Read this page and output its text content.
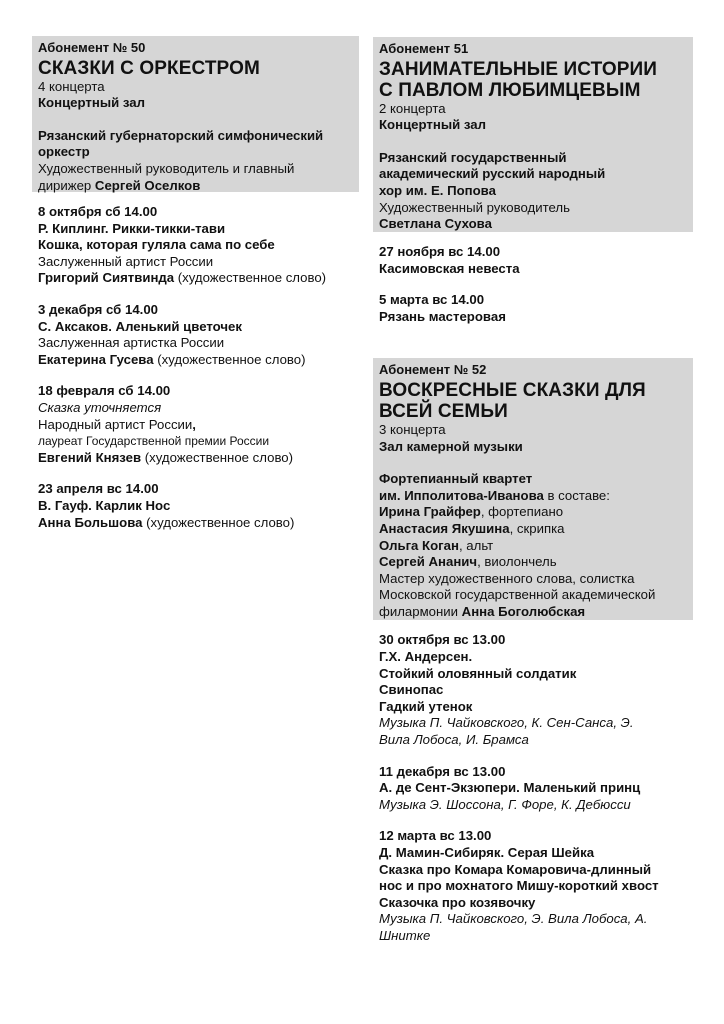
Абонемент № 50
СКАЗКИ С ОРКЕСТРОМ
4 концерта
Концертный зал
Рязанский губернаторский симфонический
оркестр
Художественный руководитель и главный
дирижер Сергей Оселков
8 октября сб 14.00
Р. Киплинг. Рикки-тикки-тави
Кошка, которая гуляла сама по себе
Заслуженный артист России
Григорий Сиятвинда (художественное слово)
3 декабря сб 14.00
С. Аксаков. Аленький цветочек
Заслуженная артистка России
Екатерина Гусева (художественное слово)
18 февраля сб 14.00
Сказка уточняется
Народный артист России,
лауреат Государственной премии России
Евгений Князев (художественное слово)
23 апреля вс 14.00
В. Гауф. Карлик Нос
Анна Большова (художественное слово)
Абонемент 51
ЗАНИМАТЕЛЬНЫЕ ИСТОРИИ
С ПАВЛОМ ЛЮБИМЦЕВЫМ
2 концерта
Концертный зал
Рязанский государственный
академический русский народный
хор им. Е. Попова
Художественный руководитель
Светлана Сухова
27 ноября вс 14.00
Касимовская невеста
5 марта вс 14.00
Рязань мастеровая
Абонемент № 52
ВОСКРЕСНЫЕ СКАЗКИ ДЛЯ
ВСЕЙ СЕМЬИ
3 концерта
Зал камерной музыки
Фортепианный квартет
им. Ипполитова-Иванова в составе:
Ирина Грайфер, фортепиано
Анастасия Якушина, скрипка
Ольга Коган, альт
Сергей Ананич, виолончель
Мастер художественного слова, солистка
Московской государственной академической
филармонии Анна Боголюбская
30 октября вс 13.00
Г.Х. Андерсен.
Стойкий оловянный солдатик
Свинопас
Гадкий утенок
Музыка П. Чайковского, К. Сен-Санса, Э.
Вила Лобоса, И. Брамса
11 декабря вс 13.00
А. де Сент-Экзюпери. Маленький принц
Музыка Э. Шоссона, Г. Форе, К. Дебюсси
12 марта вс 13.00
Д. Мамин-Сибиряк. Серая Шейка
Сказка про Комара Комаровича-длинный
нос и про мохнатого Мишу-короткий хвост
Сказочка про козявочку
Музыка П. Чайковского, Э. Вила Лобоса, А.
Шнитке
